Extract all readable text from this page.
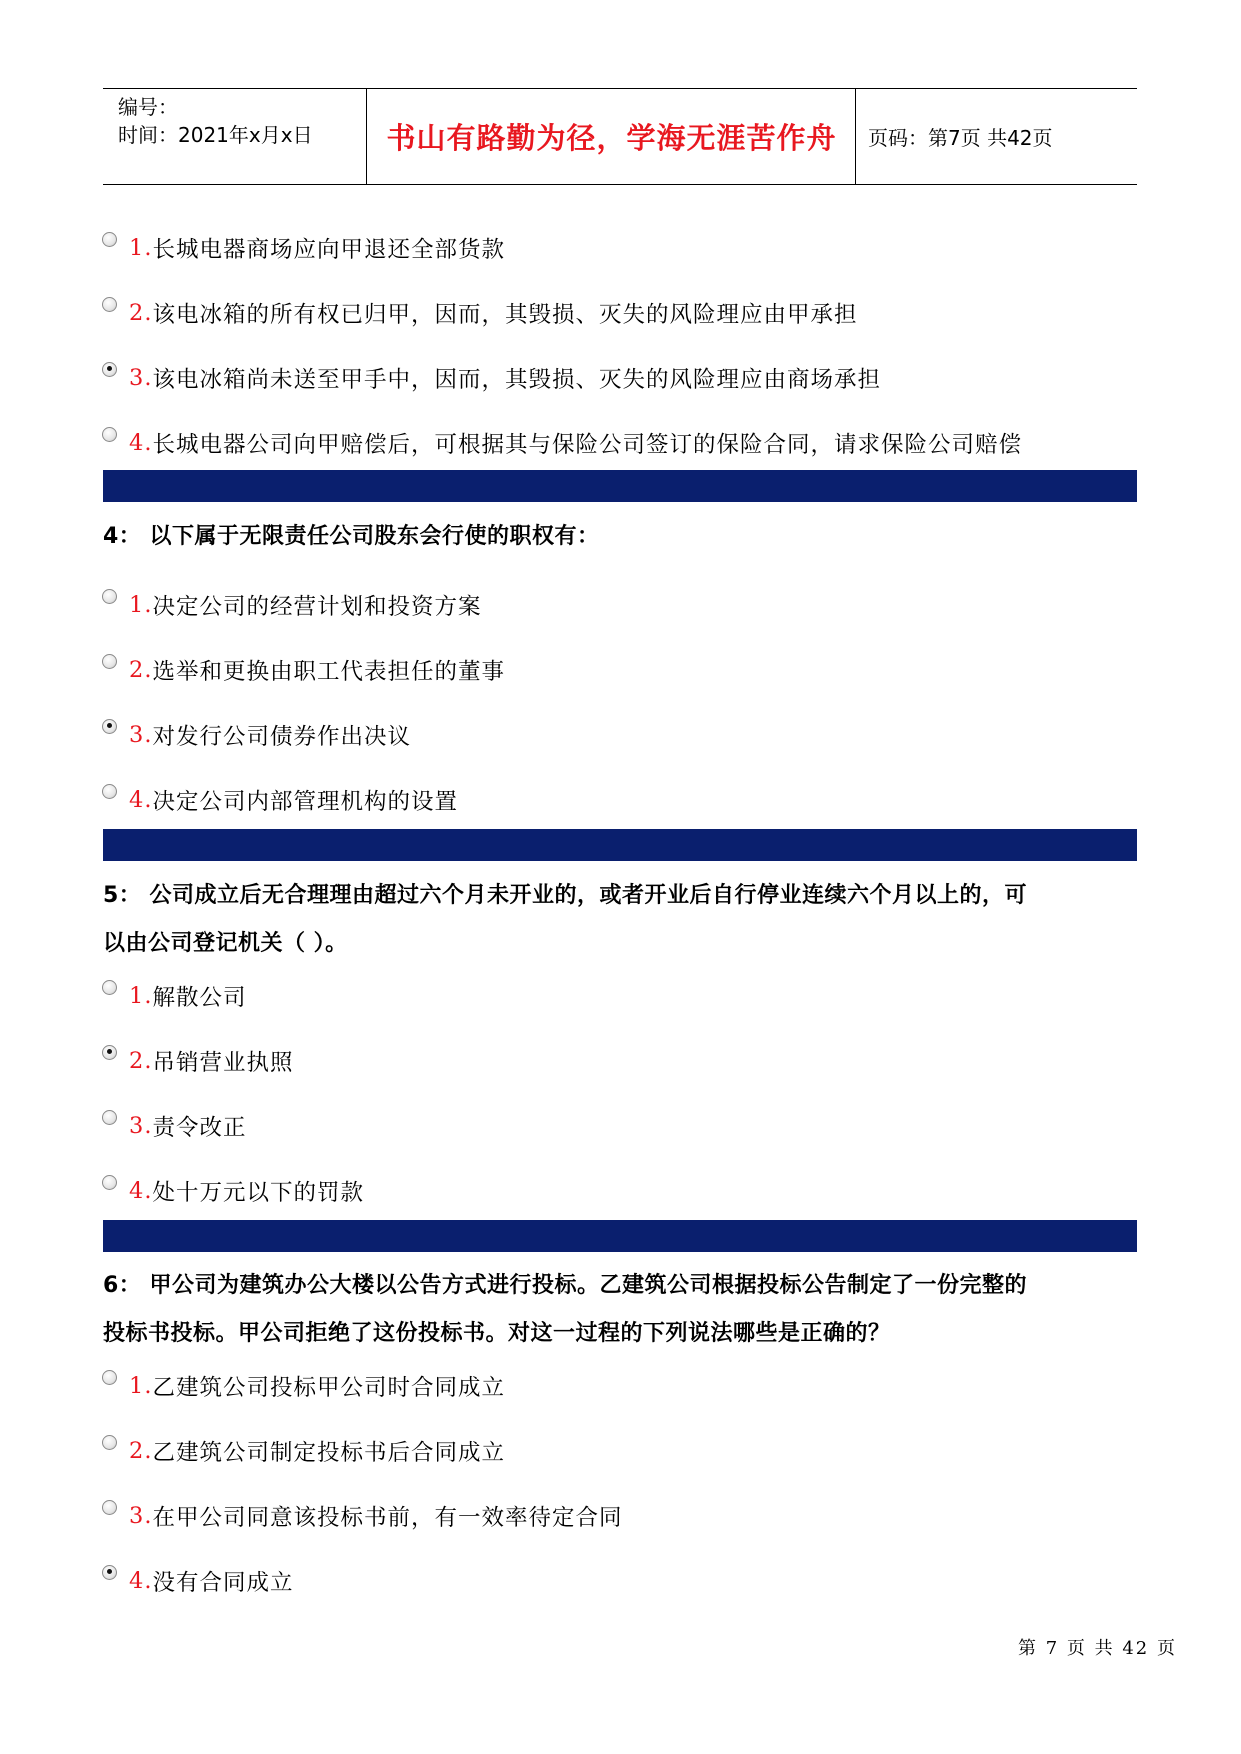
编号：
时间：2021年x月x日	书山有路勤为径，学海无涯苦作舟	页码：第7页 共42页
1. 长城电器商场应向甲退还全部货款
2. 该电冰箱的所有权已归甲，因而，其毁损、灭失的风险理应由甲承担
3. 该电冰箱尚未送至甲手中，因而，其毁损、灭失的风险理应由商场承担
4. 长城电器公司向甲赔偿后，可根据其与保险公司签订的保险合同，请求保险公司赔偿
4： 以下属于无限责任公司股东会行使的职权有：
1. 决定公司的经营计划和投资方案
2. 选举和更换由职工代表担任的董事
3. 对发行公司债券作出决议
4. 决定公司内部管理机构的设置
5： 公司成立后无合理理由超过六个月未开业的，或者开业后自行停业连续六个月以上的，可
以由公司登记机关（ ）。
1. 解散公司
2. 吊销营业执照
3. 责令改正
4. 处十万元以下的罚款
6： 甲公司为建筑办公大楼以公告方式进行投标。乙建筑公司根据投标公告制定了一份完整的
投标书投标。甲公司拒绝了这份投标书。对这一过程的下列说法哪些是正确的？
1. 乙建筑公司投标甲公司时合同成立
2. 乙建筑公司制定投标书后合同成立
3. 在甲公司同意该投标书前，有一效率待定合同
4. 没有合同成立
第 7 页 共 42 页
